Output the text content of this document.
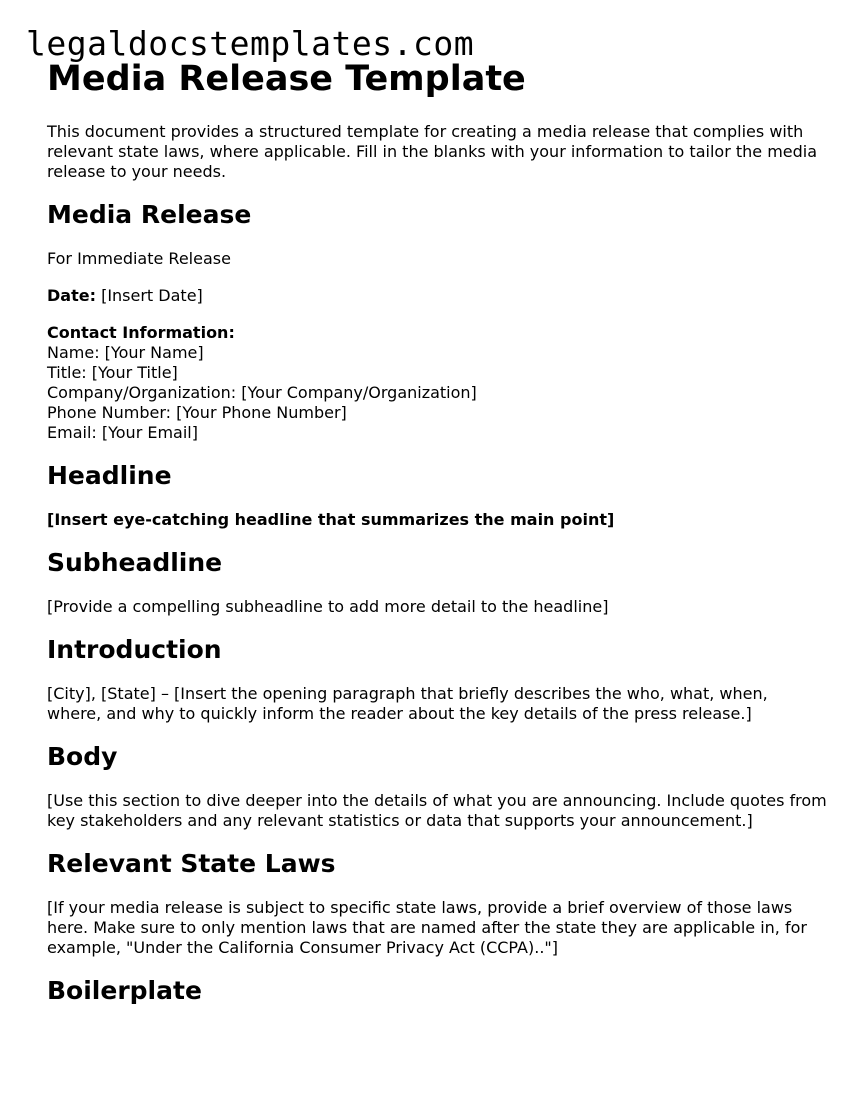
legaldocstemplates.com
Media Release Template

This document provides a structured template for creating a media release that complies with relevant state laws, where applicable. Fill in the blanks with your information to tailor the media release to your needs.

Media Release

For Immediate Release

Date: [Insert Date]

Contact Information:

Name: [Your Name]

Title: [Your Title]

Company/Organization: [Your Company/Organization]

Phone Number: [Your Phone Number]

Email: [Your Email]

Headline

[Insert eye-catching headline that summarizes the main point]

Subheadline

[Provide a compelling subheadline to add more detail to the headline]

Introduction

[City], [State] – [Insert the opening paragraph that briefly describes the who, what, when, where, and why to quickly inform the reader about the key details of the press release.]

Body

[Use this section to dive deeper into the details of what you are announcing. Include quotes from key stakeholders and any relevant statistics or data that supports your announcement.]

Relevant State Laws

[If your media release is subject to specific state laws, provide a brief overview of those laws here. Make sure to only mention laws that are named after the state they are applicable in, for example, "Under the California Consumer Privacy Act (CCPA).."]

Boilerplate
